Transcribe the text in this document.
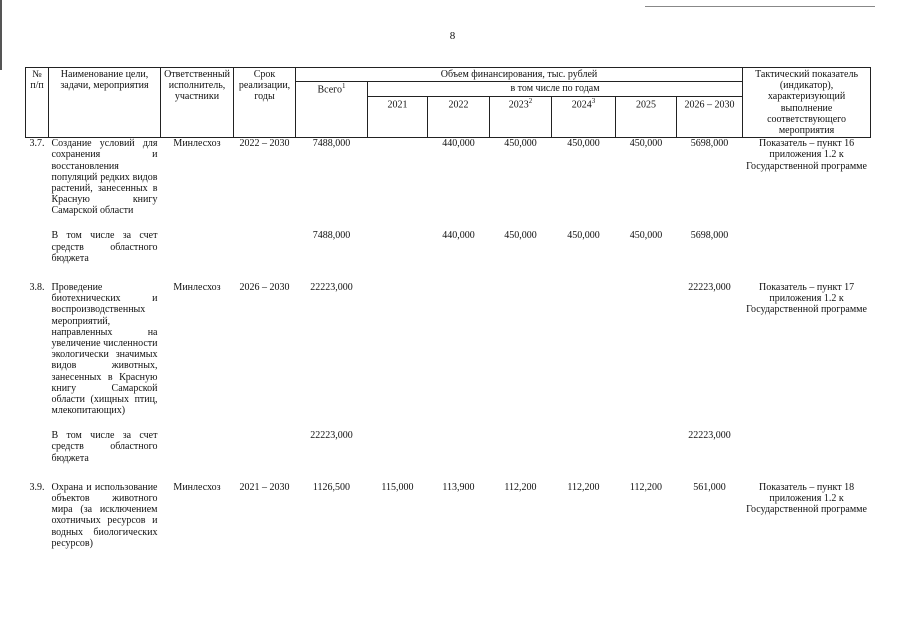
8
№ п/п	Наименование цели, задачи, мероприятия	Ответственный исполнитель, участники	Срок реализации, годы	Объем финансирования, тыс. рублей							Тактический показатель (индикатор), характеризующий выполнение соответствующего мероприятия
				Всего$^1$	в том числе по годам						
					2021	2022	2023$^2$	2024$^3$	2025	2026 – 2030	
3.7.	Создание условий для сохранения и восстановления популяций редких видов растений, занесенных в Красную книгу Самарской области	Минлесхоз	2022 – 2030	7488,000		440,000	450,000	450,000	450,000	5698,000	Показатель – пункт 16 приложения 1.2 к Государственной программе

	В том числе за счет средств областного бюджета			7488,000		440,000	450,000	450,000	450,000	5698,000	

3.8.	Проведение биотехнических и воспроизводственных мероприятий, направленных на увеличение численности экологически значимых видов животных, занесенных в Красную книгу Самарской области (хищных птиц, млекопитающих)	Минлесхоз	2026 – 2030	22223,000						22223,000	Показатель – пункт 17 приложения 1.2 к Государственной программе

	В том числе за счет средств областного бюджета			22223,000						22223,000	

3.9.	Охрана и использование объектов животного мира (за исключением охотничьих ресурсов и водных биологических ресурсов)	Минлесхоз	2021 – 2030	1126,500	115,000	113,900	112,200	112,200	112,200	561,000	Показатель – пункт 18 приложения 1.2 к Государственной программе
